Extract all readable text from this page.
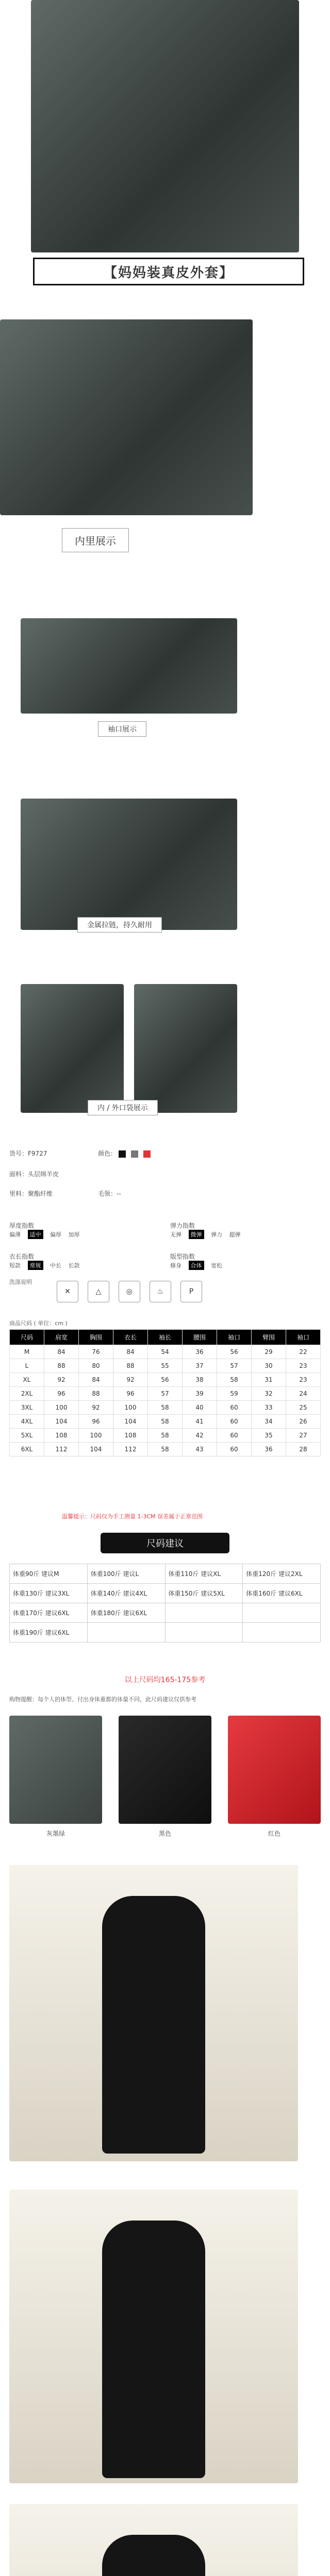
【妈妈装真皮外套】
内里展示
袖口展示
金属拉链，持久耐用
内 / 外口袋展示
货号：F9727	颜色：
面料：头层绵羊皮
里料：聚酯纤维	毛领：--
厚度指数
偏薄 适中 偏厚 加厚
弹力指数
无弹 微弹 弹力 超弹
衣长指数
短款 常规 中长 长款
版型指数
修身 合体 宽松
洗涤说明
✕	△	◎	♨	P
商品尺码 ( 单位：cm )
尺码	肩宽	胸围	衣长	袖长	腰围	袖口	臂围	袖口
M	84	76	84	54	36	56	29	22
L	88	80	88	55	37	57	30	23
XL	92	84	92	56	38	58	31	23
2XL	96	88	96	57	39	59	32	24
3XL	100	92	100	58	40	60	33	25
4XL	104	96	104	58	41	60	34	26
5XL	108	100	108	58	42	60	35	27
6XL	112	104	112	58	43	60	36	28
温馨提示：尺码仅为手工测量 1-3CM 误差属于正常范围
尺码建议
体重90斤 建议M	体重100斤 建议L	体重110斤 建议XL	体重120斤 建议2XL
体重130斤 建议3XL	体重140斤 建议4XL	体重150斤 建议5XL	体重160斤 建议6XL
体重170斤 建议6XL	体重180斤 建议6XL		
体重190斤 建议6XL			
以上尺码均165-175参考
购物提醒：每个人的体型、付出身体重都的体量不同，此尺码建议仅供参考
灰墨绿	黑色	红色
